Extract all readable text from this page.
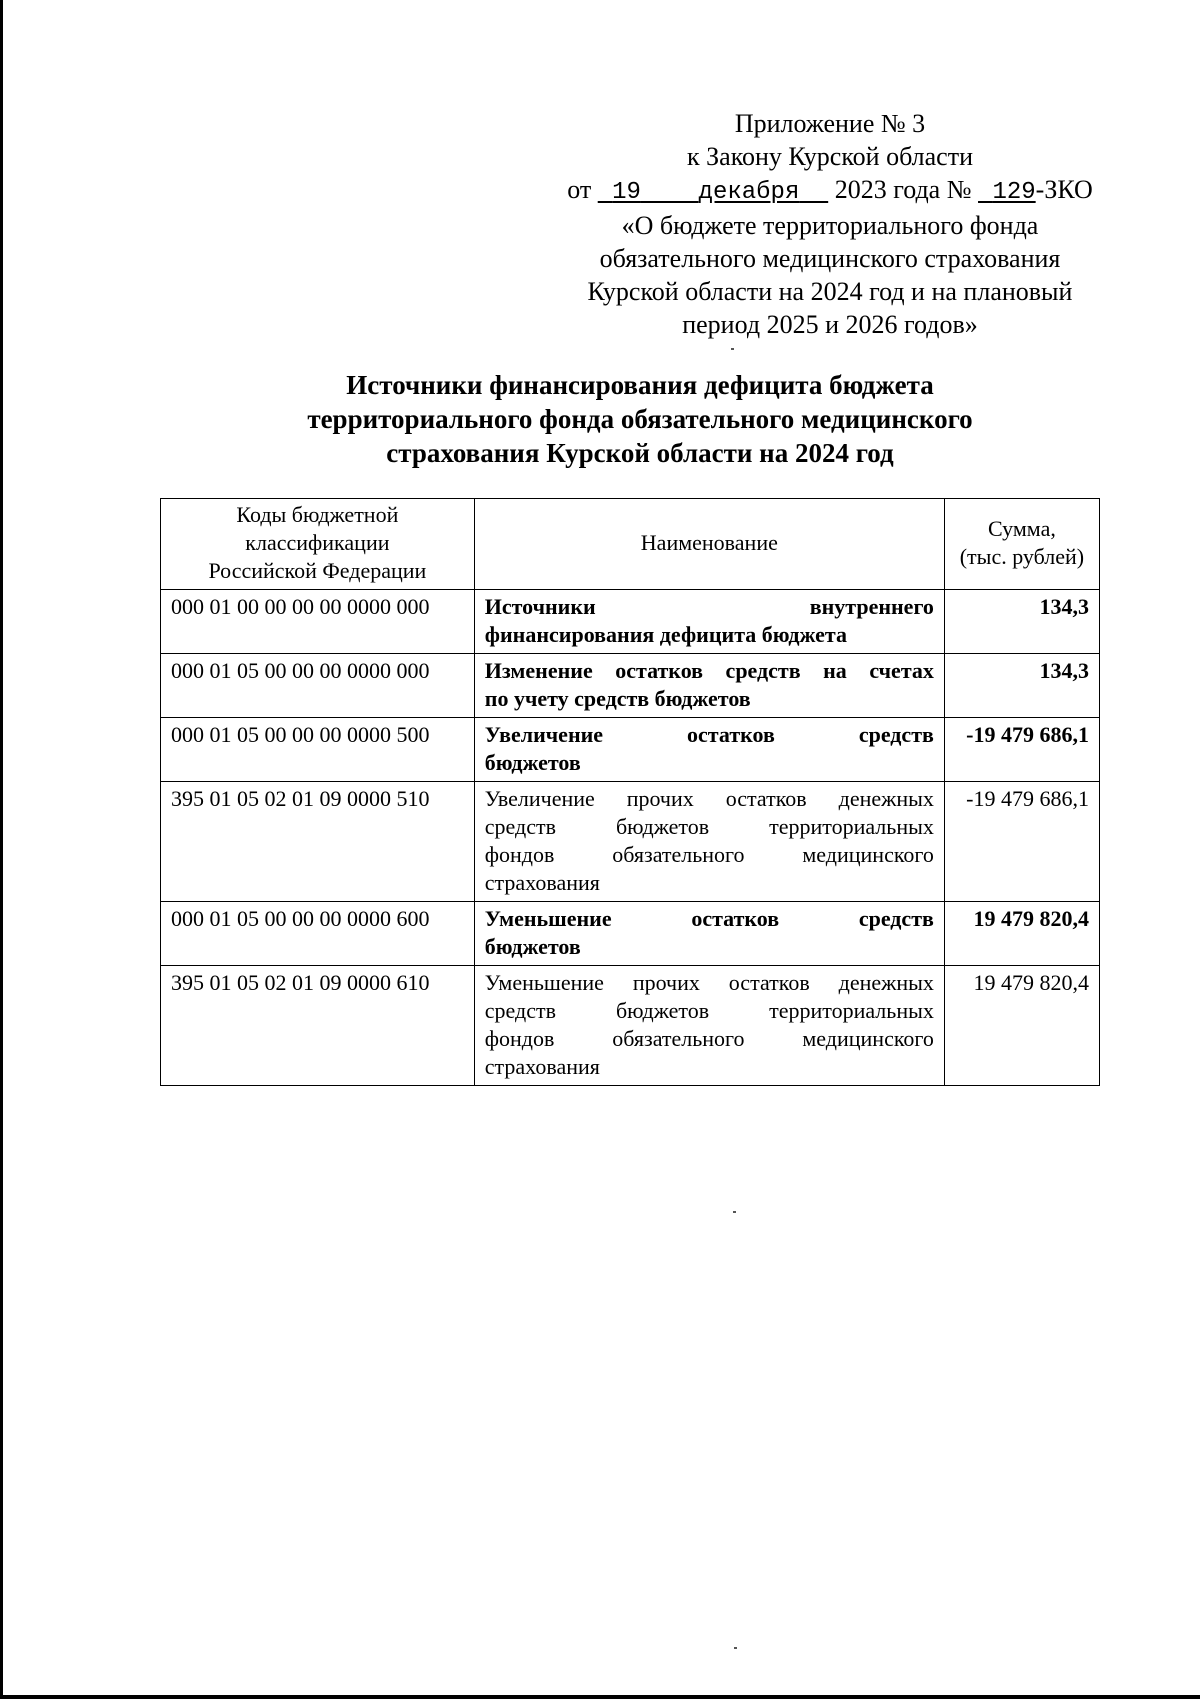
Приложение № 3
к Закону Курской области
от 19 декабря 2023 года № 129-ЗКО
«О бюджете территориального фонда
обязательного медицинского страхования
Курской области на 2024 год и на плановый
период 2025 и 2026 годов»
Источники финансирования дефицита бюджета
территориального фонда обязательного медицинского
страхования Курской области на 2024 год
Коды бюджетной
классификации
Российской Федерации	Наименование	Сумма,
(тыс. рублей)

000 01 00 00 00 00 0000 000	Источники внутреннего
финансирования дефицита бюджета	134,3
000 01 05 00 00 00 0000 000	Изменение остатков средств на счетах
по учету средств бюджетов	134,3
000 01 05 00 00 00 0000 500	Увеличение остатков средств
бюджетов	-19 479 686,1
395 01 05 02 01 09 0000 510	Увеличение прочих остатков денежных
средств бюджетов территориальных
фондов обязательного медицинского
страхования	-19 479 686,1
000 01 05 00 00 00 0000 600	Уменьшение остатков средств
бюджетов	19 479 820,4
395 01 05 02 01 09 0000 610	Уменьшение прочих остатков денежных
средств бюджетов территориальных
фондов обязательного медицинского
страхования	19 479 820,4
